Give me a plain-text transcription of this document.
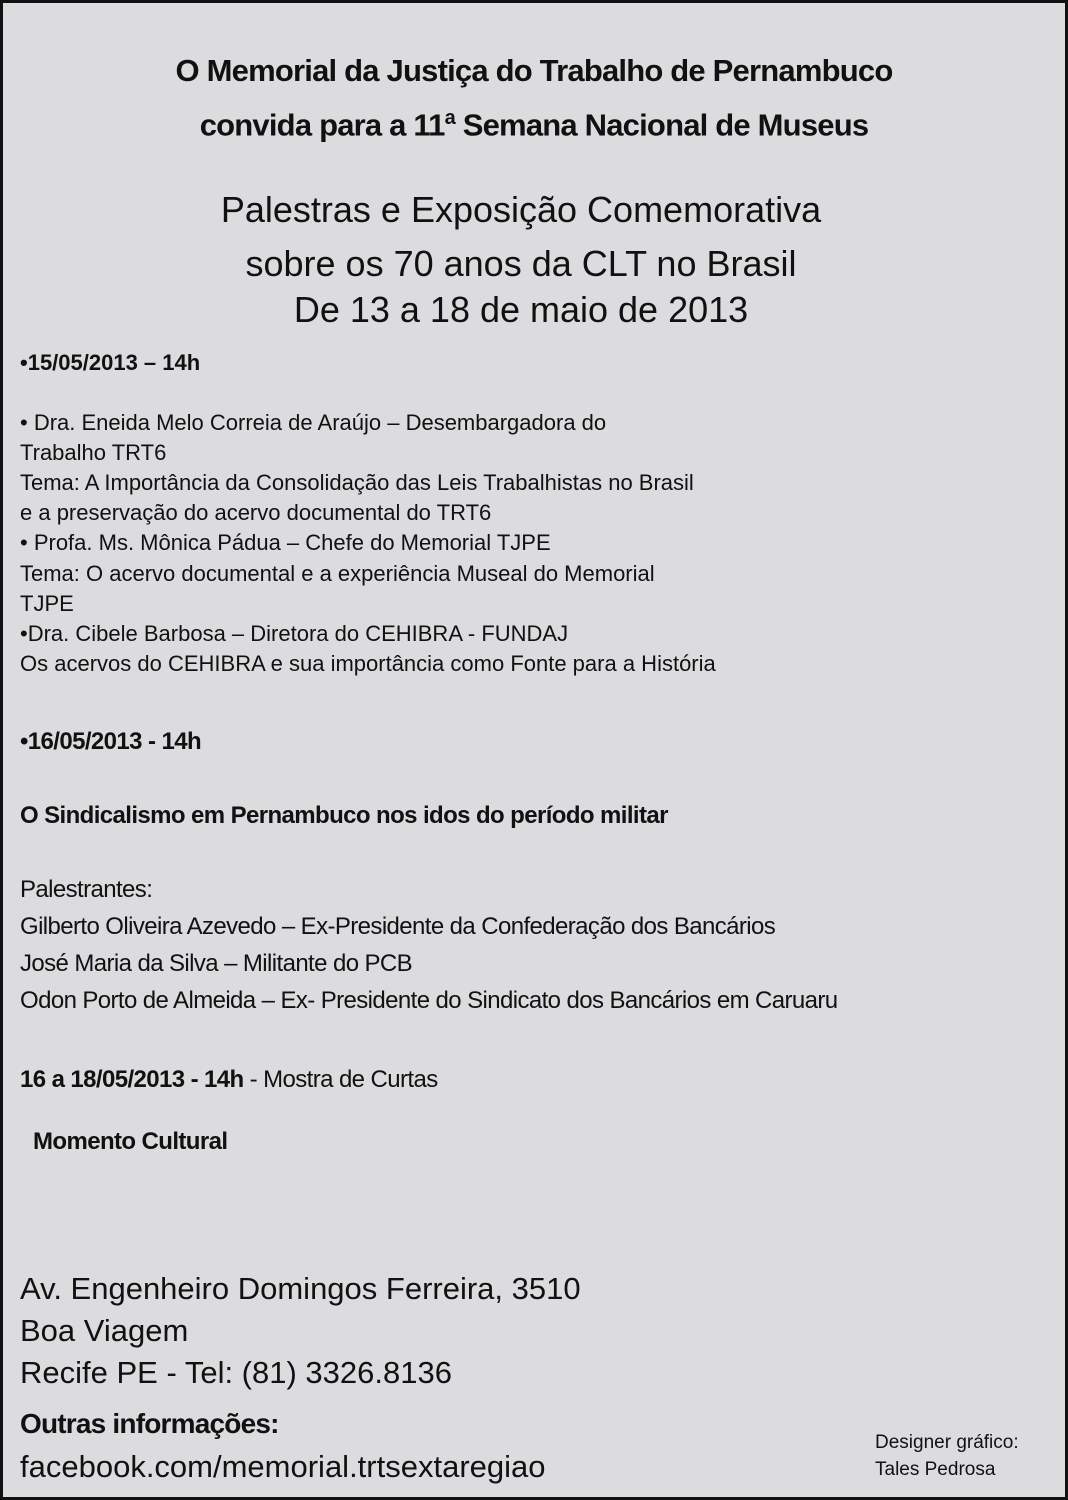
O Memorial da Justiça do Trabalho de Pernambuco
convida para a 11$^a$ Semana Nacional de Museus
Palestras e Exposição Comemorativa
sobre os 70 anos da CLT no Brasil
De 13 a 18 de maio de 2013
•15/05/2013 – 14h
• Dra. Eneida Melo Correia de Araújo – Desembargadora do
Trabalho TRT6
Tema: A Importância da Consolidação das Leis Trabalhistas no Brasil
e a preservação do acervo documental do TRT6
• Profa. Ms. Mônica Pádua – Chefe do Memorial TJPE
Tema: O acervo documental e a experiência Museal do Memorial
TJPE
•Dra. Cibele Barbosa – Diretora do CEHIBRA - FUNDAJ
Os acervos do CEHIBRA e sua importância como Fonte para a História
•16/05/2013 - 14h
O Sindicalismo em Pernambuco nos idos do período militar
Palestrantes:
Gilberto Oliveira Azevedo – Ex-Presidente da Confederação dos Bancários
José Maria da Silva – Militante do PCB
Odon Porto de Almeida – Ex- Presidente do Sindicato dos Bancários em Caruaru
16 a 18/05/2013 - 14h - Mostra de Curtas
Momento Cultural
Av. Engenheiro Domingos Ferreira, 3510
Boa Viagem
Recife PE - Tel: (81) 3326.8136
Outras informações:
facebook.com/memorial.trtsextaregiao
Designer gráfico:
Tales Pedrosa
